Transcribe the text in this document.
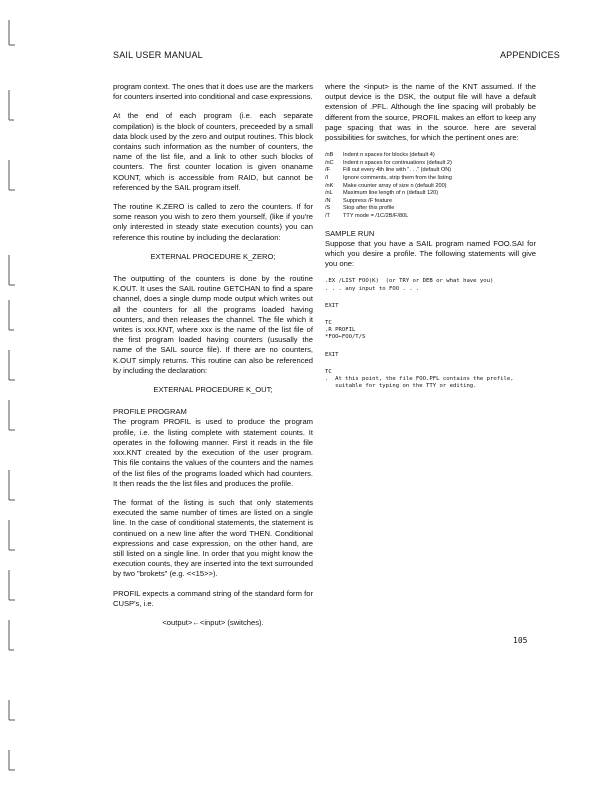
SAIL USER MANUAL	APPENDICES

program context. The ones that it does use are the markers for counters inserted into conditional and case expressions.

At the end of each program (i.e. each separate compilation) is the block of counters, preceeded by a small data block used by the zero and output routines. This block contains such information as the number of counters, the name of the list file, and a link to other such blocks of counters. The first counter location is given onaname KOUNT, which is accessible from RAID, but cannot be referenced by the SAIL program itself.

The routine K.ZERO is called to zero the counters. If for some reason you wish to zero them yourself, (like if you're only interested in steady state execution counts) you can reference this routine by including the declaration:

EXTERNAL PROCEDURE K_ZERO;

The outputting of the counters is done by the routine K.OUT. It uses the SAIL routine GETCHAN to find a spare channel, does a single dump mode output which writes out all the counters for all the programs loaded having counters, and then releases the channel. The file which it writes is xxx.KNT, where xxx is the name of the list file of the first program loaded having counters (ususally the name of the SAIL source file). If there are no counters, K.OUT simply returns. This routine can also be referenced by including the declaration:

EXTERNAL PROCEDURE K_OUT;

PROFILE PROGRAM

The program PROFIL is used to produce the program profile, i.e. the listing complete with statement counts. It operates in the following manner. First it reads in the file xxx.KNT created by the execution of the user program. This file contains the values of the counters and the names of the list files of the programs loaded which had counters. It then reads the the list files and produces the profile.

The format of the listing is such that only statements executed the same number of times are listed on a single line. In the case of conditional statements, the statement is continued on a new line after the word THEN. Conditional expressions and case expression, on the other hand, are still listed on a single line. In order that you might know the execution counts, they are inserted into the text surrounded by two "brokets" (e.g. <<15>>).

PROFIL expects a command string of the standard form for CUSP's, i.e.

<output>←<input> (switches).

where the <input> is the name of the KNT assumed. If the output device is the DSK, the output file will have a default extension of .PFL. Although the line spacing will probably be different from the source, PROFIL makes an effort to keep any page spacing that was in the source. here are several possibilities for switches, for which the pertinent ones are:

/nB	Indent n spaces for blocks (default 4)
/nC	Indent n spaces for continuations (default 2)
/F	Fill out every 4th line with ". . ." (default ON)
/I	Ignore comments, strip them from the listing
/nK	Make counter array of size n (default 200)
/nL	Maximum line length of n (default 120)
/N	Suppress /F feature
/S	Stop after this profile
/T	TTY mode = /1C/2B/F/80L
SAMPLE RUN

Suppose that you have a SAIL program named FOO.SAI for which you desire a profile. The following statements will give you one:

.EX /LIST FOO(K)  (or TRY or DEB or what have you)
. . . any input to FOO . . .
EXIT
TC
.R PROFIL
*FOO←FOO/T/S
EXIT
TC
.  At this point, the file FOO.PFL contains the profile,
suitable for typing on the TTY or editing.
105
